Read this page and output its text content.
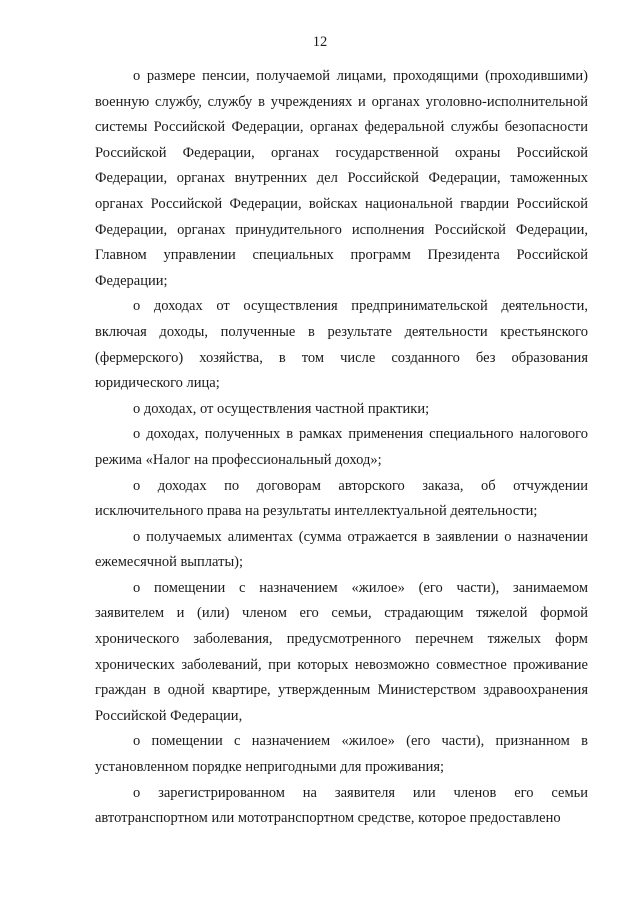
12

о размере пенсии, получаемой лицами, проходящими (проходившими) военную службу, службу в учреждениях и органах уголовно-исполнительной системы Российской Федерации, органах федеральной службы безопасности Российской Федерации, органах государственной охраны Российской Федерации, органах внутренних дел Российской Федерации, таможенных органах Российской Федерации, войсках национальной гвардии Российской Федерации, органах принудительного исполнения Российской Федерации, Главном управлении специальных программ Президента Российской Федерации;

о доходах от осуществления предпринимательской деятельности, включая доходы, полученные в результате деятельности крестьянского (фермерского) хозяйства, в том числе созданного без образования юридического лица;

о доходах, от осуществления частной практики;

о доходах, полученных в рамках применения специального налогового режима «Налог на профессиональный доход»;

о доходах по договорам авторского заказа, об отчуждении исключительного права на результаты интеллектуальной деятельности;

о получаемых алиментах (сумма отражается в заявлении о назначении ежемесячной выплаты);

о помещении с назначением «жилое» (его части), занимаемом заявителем и (или) членом его семьи, страдающим тяжелой формой хронического заболевания, предусмотренного перечнем тяжелых форм хронических заболеваний, при которых невозможно совместное проживание граждан в одной квартире, утвержденным Министерством здравоохранения Российской Федерации,

о помещении с назначением «жилое» (его части), признанном в установленном порядке непригодными для проживания;

о зарегистрированном на заявителя или членов его семьи автотранспортном или мототранспортном средстве, которое предоставлено
